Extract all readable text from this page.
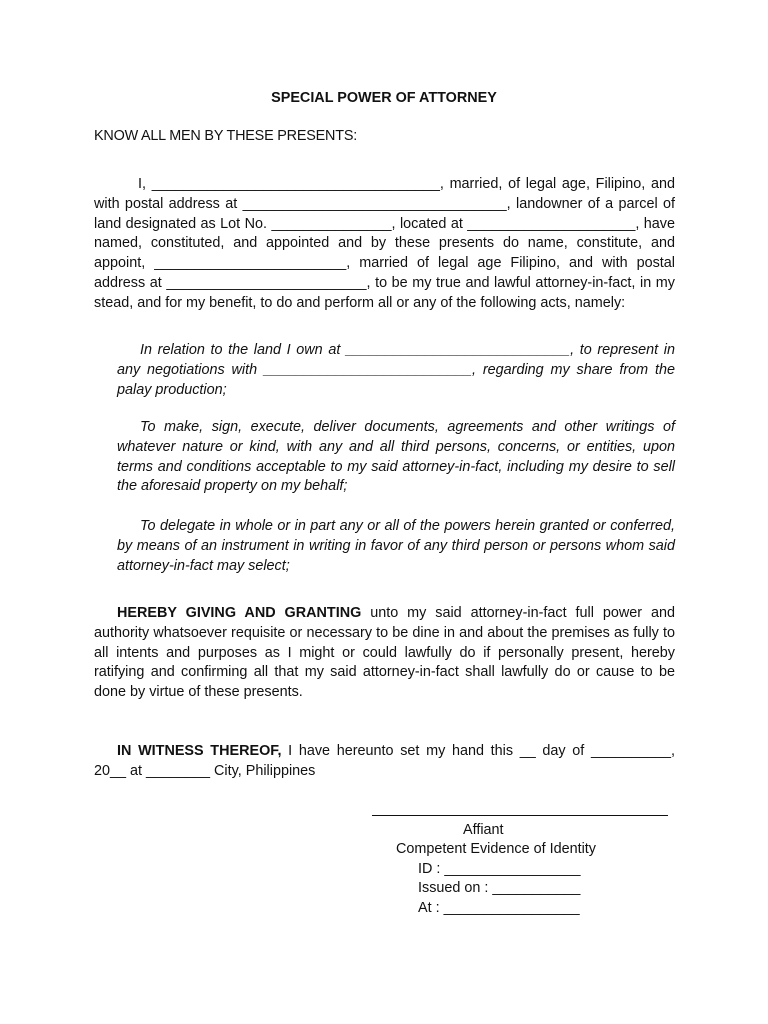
SPECIAL POWER OF ATTORNEY
KNOW ALL MEN BY THESE PRESENTS:

I, ____________________________________, married, of legal age, Filipino, and with postal address at _________________________________, landowner of a parcel of land designated as Lot No. _______________, located at _____________________, have named, constituted, and appointed and by these presents do name, constitute, and appoint, ________________________, married of legal age Filipino, and with postal address at _________________________, to be my true and lawful attorney-in-fact, in my stead, and for my benefit, to do and perform all or any of the following acts, namely:

In relation to the land I own at ____________________________, to represent in any negotiations with __________________________, regarding my share from the palay production;

To make, sign, execute, deliver documents, agreements and other writings of whatever nature or kind, with any and all third persons, concerns, or entities, upon terms and conditions acceptable to my said attorney-in-fact, including my desire to sell the aforesaid property on my behalf;

To delegate in whole or in part any or all of the powers herein granted or conferred, by means of an instrument in writing in favor of any third person or persons whom said attorney-in-fact may select;

HEREBY GIVING AND GRANTING unto my said attorney-in-fact full power and authority whatsoever requisite or necessary to be dine in and about the premises as fully to all intents and purposes as I might or could lawfully do if personally present, hereby ratifying and confirming all that my said attorney-in-fact shall lawfully do or cause to be done by virtue of these presents.

IN WITNESS THEREOF, I have hereunto set my hand this __ day of __________, 20__ at ________ City, Philippines

Affiant
Competent Evidence of Identity
ID : _________________
Issued on : ___________
At : _________________
